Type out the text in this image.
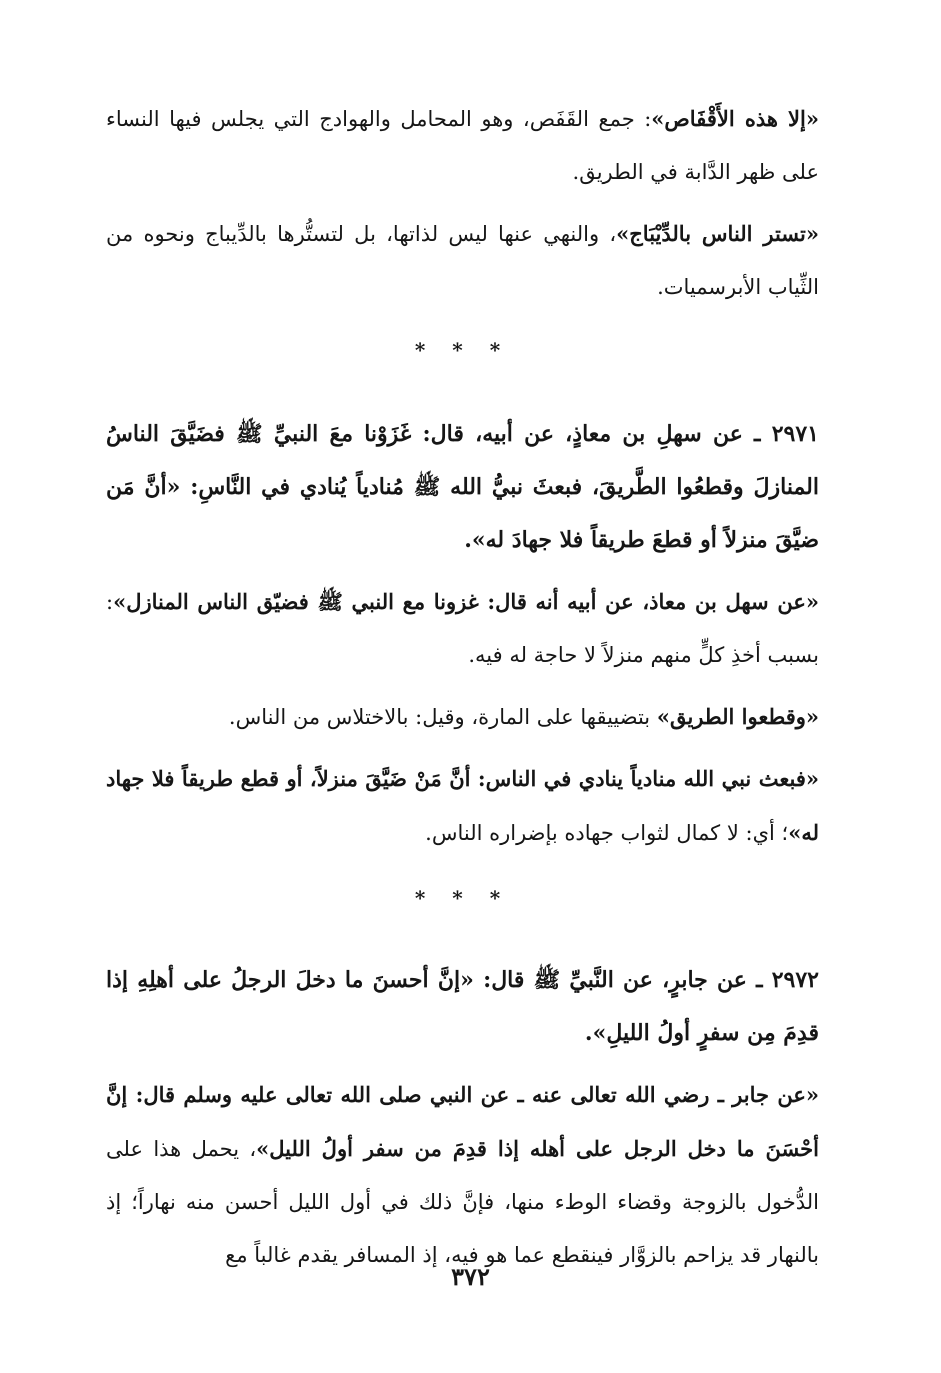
«إلا هذه الأَقْفَاص»: جمع القَفَص، وهو المحامل والهوادج التي يجلس فيها النساء على ظهر الدَّابة في الطريق.

«تستر الناس بالدِّيْبَاج»، والنهي عنها ليس لذاتها، بل لتستُّرها بالدِّيباج ونحوه من الثِّياب الأبرسميات.

* * *

٢٩٧١ ـ عن سهلِ بن معاذٍ، عن أبيه، قال: غَزَوْنا معَ النبيِّ ﷺ فضَيَّقَ الناسُ المنازلَ وقطعُوا الطَّريقَ، فبعثَ نبيُّ الله ﷺ مُنادياً يُنادي في النَّاسِ: «أنَّ مَن ضيَّقَ منزلاً أو قطعَ طريقاً فلا جهادَ له».

«عن سهل بن معاذ، عن أبيه أنه قال: غزونا مع النبي ﷺ فضيّق الناس المنازل»: بسبب أخذِ كلٍّ منهم منزلاً لا حاجة له فيه.

«وقطعوا الطريق» بتضييقها على المارة، وقيل: بالاختلاس من الناس.

«فبعث نبي الله منادياً ينادي في الناس: أنَّ مَنْ ضَيَّقَ منزلاً، أو قطع طريقاً فلا جهاد له»؛ أي: لا كمال لثواب جهاده بإضراره الناس.

* * *

٢٩٧٢ ـ عن جابرٍ، عن النَّبيِّ ﷺ قال: «إنَّ أحسنَ ما دخلَ الرجلُ على أهلِهِ إذا قدِمَ مِن سفرٍ أولُ الليلِ».

«عن جابر ـ رضي الله تعالى عنه ـ عن النبي صلى الله تعالى عليه وسلم قال: إنَّ أحْسَنَ ما دخل الرجل على أهله إذا قدِمَ من سفر أولُ الليل»، يحمل هذا على الدُّخول بالزوجة وقضاء الوطء منها، فإنَّ ذلك في أول الليل أحسن منه نهاراً؛ إذ بالنهار قد يزاحم بالزوَّار فينقطع عما هو فيه، إذ المسافر يقدم غالباً مع

٣٧٢
